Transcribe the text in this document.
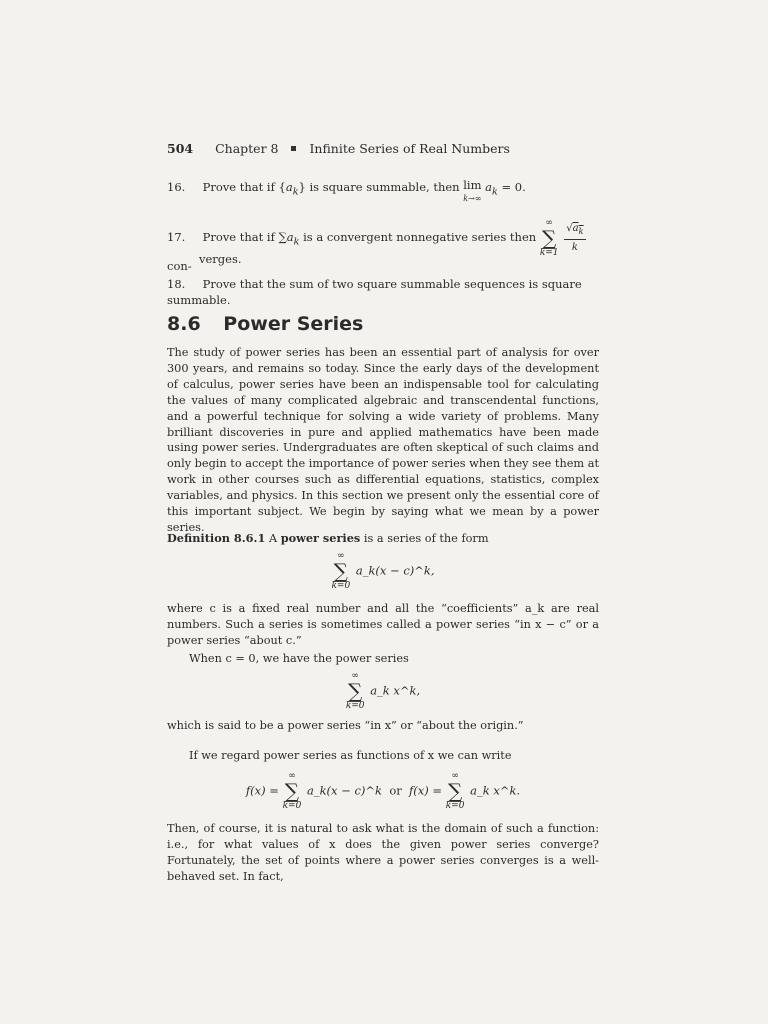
504 Chapter 8 Infinite Series of Real Numbers
16. Prove that if $\{a_k\}$ is square summable, then lim
k→∞ $a_k = 0$.
17. Prove that if $\sum a_k$ is a convergent nonnegative series then
∞
∑
k=1
$\frac{√a_k}{k}$
con- verges.
18. Prove that the sum of two square summable sequences is square summable.
8.6 Power Series
The study of power series has been an essential part of analysis for over 300 years, and remains so today. Since the early days of the development of calculus, power series have been an indispensable tool for calculating the values of many complicated algebraic and transcendental functions, and a powerful technique for solving a wide variety of problems. Many brilliant discoveries in pure and applied mathematics have been made using power series. Undergraduates are often skeptical of such claims and only begin to accept the importance of power series when they see them at work in other courses such as differential equations, statistics, complex variables, and physics. In this section we present only the essential core of this important subject. We begin by saying what we mean by a power series.
Definition 8.6.1 A power series is a series of the form
∞
∑
k=0
a_k(x − c)^k,
where c is a fixed real number and all the “coefficients” a_k are real numbers. Such a series is sometimes called a power series “in x − c” or a power series “about c.”
When c = 0, we have the power series
∞
∑
k=0
a_k x^k,
which is said to be a power series “in x” or “about the origin.”
If we regard power series as functions of x we can write
f(x) =
∞
∑
k=0
a_k(x − c)^k or f(x) =
∞
∑
k=0
a_k x^k.
Then, of course, it is natural to ask what is the domain of such a function: i.e., for what values of x does the given power series converge? Fortunately, the set of points where a power series converges is a well-behaved set. In fact,
